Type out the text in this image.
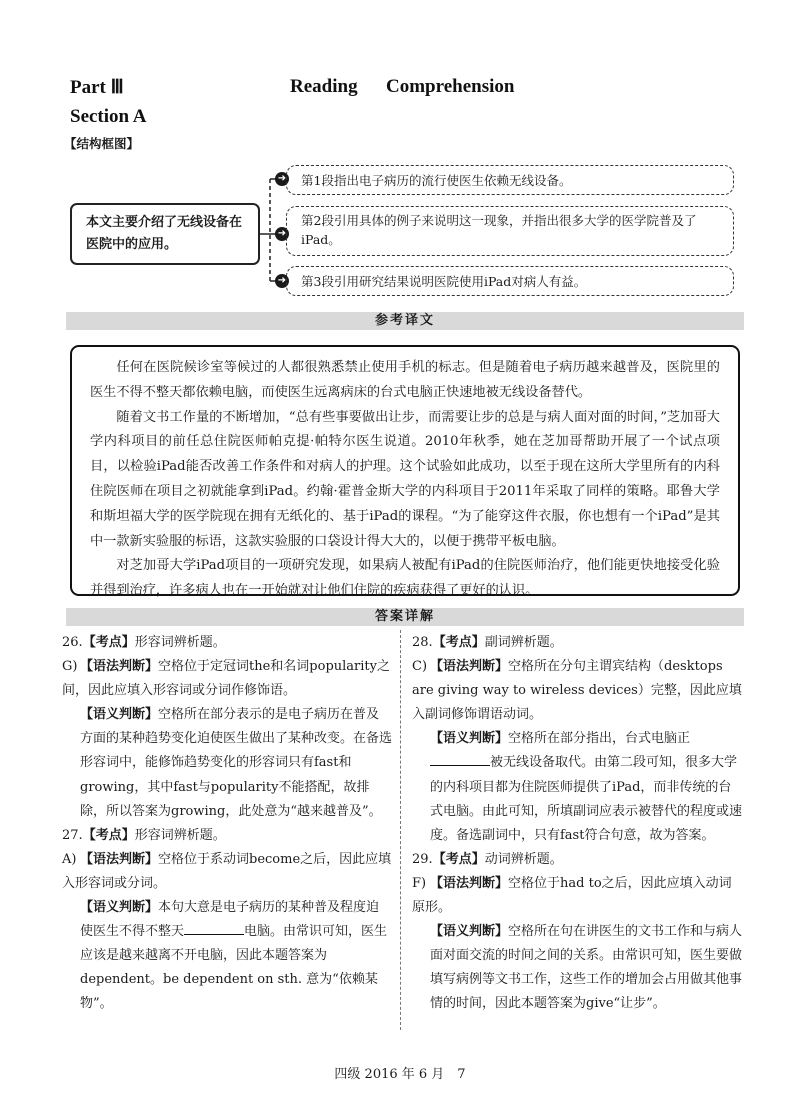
Part Ⅲ	Reading Comprehension
Section A
【结构框图】
本文主要介绍了无线设备在医院中的应用。
➜
➜
➜
第1段指出电子病历的流行使医生依赖无线设备。
第2段引用具体的例子来说明这一现象，并指出很多大学的医学院普及了iPad。
第3段引用研究结果说明医院使用iPad对病人有益。
参考译文

任何在医院候诊室等候过的人都很熟悉禁止使用手机的标志。但是随着电子病历越来越普及，医院里的医生不得不整天都依赖电脑，而使医生远离病床的台式电脑正快速地被无线设备替代。

随着文书工作量的不断增加，“总有些事要做出让步，而需要让步的总是与病人面对面的时间，”芝加哥大学内科项目的前任总住院医师帕克提·帕特尔医生说道。2010年秋季，她在芝加哥帮助开展了一个试点项目，以检验iPad能否改善工作条件和对病人的护理。这个试验如此成功，以至于现在这所大学里所有的内科住院医师在项目之初就能拿到iPad。约翰·霍普金斯大学的内科项目于2011年采取了同样的策略。耶鲁大学和斯坦福大学的医学院现在拥有无纸化的、基于iPad的课程。“为了能穿这件衣服，你也想有一个iPad”是其中一款新实验服的标语，这款实验服的口袋设计得大大的，以便于携带平板电脑。

对芝加哥大学iPad项目的一项研究发现，如果病人被配有iPad的住院医师治疗，他们能更快地接受化验并得到治疗，许多病人也在一开始就对让他们住院的疾病获得了更好的认识。

答案详解

26.【考点】形容词辨析题。

G) 【语法判断】空格位于定冠词the和名词popularity之间，因此应填入形容词或分词作修饰语。

【语义判断】空格所在部分表示的是电子病历在普及方面的某种趋势变化迫使医生做出了某种改变。在备选形容词中，能修饰趋势变化的形容词只有fast和growing，其中fast与popularity不能搭配，故排除，所以答案为growing，此处意为“越来越普及”。

27.【考点】形容词辨析题。

A) 【语法判断】空格位于系动词become之后，因此应填入形容词或分词。

【语义判断】本句大意是电子病历的某种普及程度迫使医生不得不整天	电脑。由常识可知，医生应该是越来越离不开电脑，因此本题答案为dependent。be dependent on sth. 意为“依赖某物”。

28.【考点】副词辨析题。

C) 【语法判断】空格所在分句主谓宾结构（desktops are giving way to wireless devices）完整，因此应填入副词修饰谓语动词。

【语义判断】空格所在部分指出，台式电脑正被无线设备取代。由第二段可知，很多大学的内科项目都为住院医师提供了iPad，而非传统的台式电脑。由此可知，所填副词应表示被替代的程度或速度。备选副词中，只有fast符合句意，故为答案。

29.【考点】动词辨析题。

F) 【语法判断】空格位于had to之后，因此应填入动词原形。

【语义判断】空格所在句在讲医生的文书工作和与病人面对面交流的时间之间的关系。由常识可知，医生要做填写病例等文书工作，这些工作的增加会占用做其他事情的时间，因此本题答案为give“让步”。

四级 2016 年 6 月　7
